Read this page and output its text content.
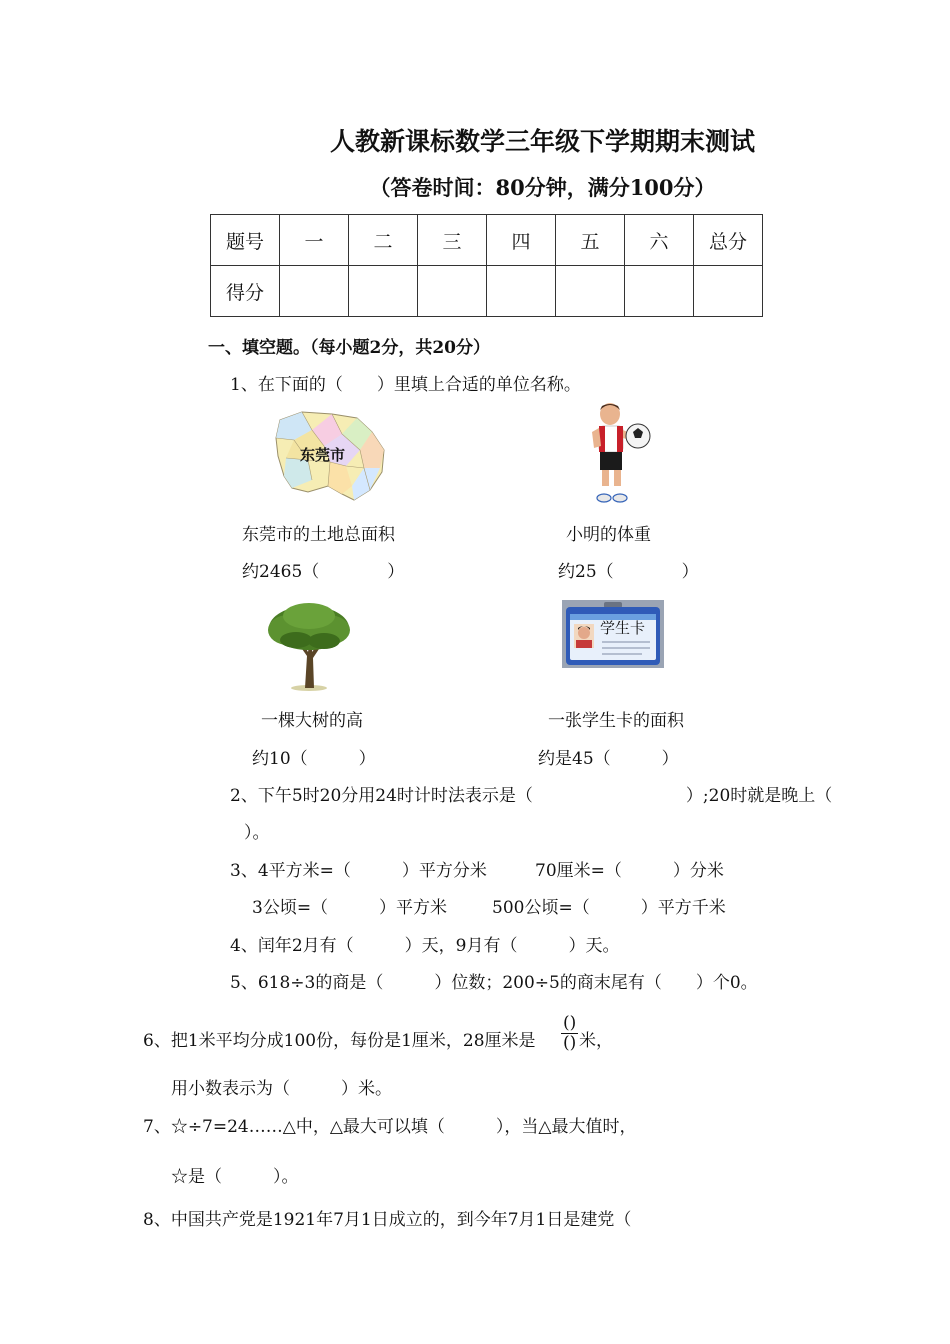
人教新课标数学三年级下学期期末测试
（答卷时间：80分钟，满分100分）
题号	一	二	三	四	五	六	总分
得分							
一、填空题。（每小题2分，共20分）
1、在下面的（　　）里填上合适的单位名称。
东莞市
东莞市的土地总面积	小明的体重
约2465（　　　　）	约25（　　　　）
学生卡
一棵大树的高	一张学生卡的面积
约10（　　　）	约是45（　　　）
2、下午5时20分用24时计时法表示是（　　　　　　　　　）;20时就是晚上（
）。
3、4平方米=（　　　）平方分米	70厘米=（　　　）分米
3公顷=（　　　）平方米	500公顷=（　　　）平方千米
4、闰年2月有（　　　）天，9月有（　　　）天。
5、618÷3的商是（　　　）位数；200÷5的商末尾有（　　）个0。
6、把1米平均分成100份，每份是1厘米，28厘米是
()
() 米，
用小数表示为（　　　）米。
7、☆÷7=24……△中，△最大可以填（　　　），当△最大值时，
☆是（　　　）。
8、中国共产党是1921年7月1日成立的，到今年7月1日是建党（
